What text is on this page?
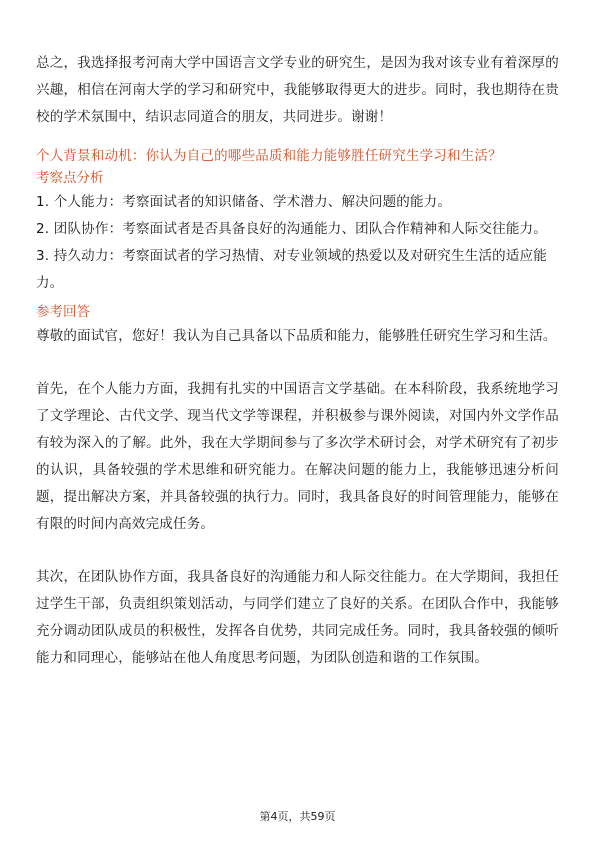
总之，我选择报考河南大学中国语言文学专业的研究生，是因为我对该专业有着深厚的兴趣，相信在河南大学的学习和研究中，我能够取得更大的进步。同时，我也期待在贵校的学术氛围中，结识志同道合的朋友，共同进步。谢谢！

个人背景和动机：你认为自己的哪些品质和能力能够胜任研究生学习和生活？

考察点分析

1. 个人能力：考察面试者的知识储备、学术潜力、解决问题的能力。

2. 团队协作：考察面试者是否具备良好的沟通能力、团队合作精神和人际交往能力。

3. 持久动力：考察面试者的学习热情、对专业领域的热爱以及对研究生生活的适应能力。

参考回答

尊敬的面试官，您好！我认为自己具备以下品质和能力，能够胜任研究生学习和生活。

首先，在个人能力方面，我拥有扎实的中国语言文学基础。在本科阶段，我系统地学习了文学理论、古代文学、现当代文学等课程，并积极参与课外阅读，对国内外文学作品有较为深入的了解。此外，我在大学期间参与了多次学术研讨会，对学术研究有了初步的认识，具备较强的学术思维和研究能力。在解决问题的能力上，我能够迅速分析问题，提出解决方案，并具备较强的执行力。同时，我具备良好的时间管理能力，能够在有限的时间内高效完成任务。

其次，在团队协作方面，我具备良好的沟通能力和人际交往能力。在大学期间，我担任过学生干部，负责组织策划活动，与同学们建立了良好的关系。在团队合作中，我能够充分调动团队成员的积极性，发挥各自优势，共同完成任务。同时，我具备较强的倾听能力和同理心，能够站在他人角度思考问题，为团队创造和谐的工作氛围。

第4页，共59页
